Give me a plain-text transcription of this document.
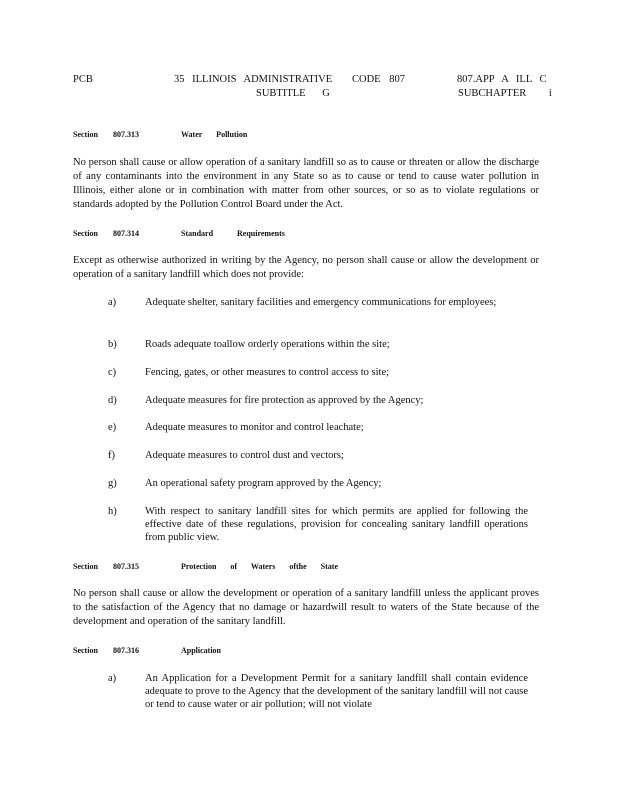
PCB	35 ILLINOIS ADMINISTRATIVE CODE 807	807.APP A ILL C
SUBTITLE G	SUBCHAPTER i
Section 807.313	Water Pollution
No person shall cause or allow operation of a sanitary landfill so as to cause or threaten or allow the discharge of any contaminants into the environment in any State so as to cause or tend to cause water pollution in Illinois, either alone or in combination with matter from other sources, or so as to violate regulations or standards adopted by the Pollution Control Board under the Act.
Section 807.314	Standard Requirements
Except as otherwise authorized in writing by the Agency, no person shall cause or allow the development or operation of a sanitary landfill which does not provide:
a)	Adequate shelter, sanitary facilities and emergency communications for employees;
b)	Roads adequate toallow orderly operations within the site;
c)	Fencing, gates, or other measures to control access to site;
d)	Adequate measures for fire protection as approved by the Agency;
e)	Adequate measures to monitor and control leachate;
f)	Adequate measures to control dust and vectors;
g)	An operational safety program approved by the Agency;
h)	With respect to sanitary landfill sites for which permits are applied for following the effective date of these regulations, provision for concealing sanitary landfill operations from public view.
Section 807.315	Protection of Waters ofthe State
No person shall cause or allow the development or operation of a sanitary landfill unless the applicant proves to the satisfaction of the Agency that no damage or hazardwill result to waters of the State because of the development and operation of the sanitary landfill.
Section 807.316	Application
a)	An Application for a Development Permit for a sanitary landfill shall contain evidence adequate to prove to the Agency that the development of the sanitary landfill will not cause or tend to cause water or air pollution; will not violate
